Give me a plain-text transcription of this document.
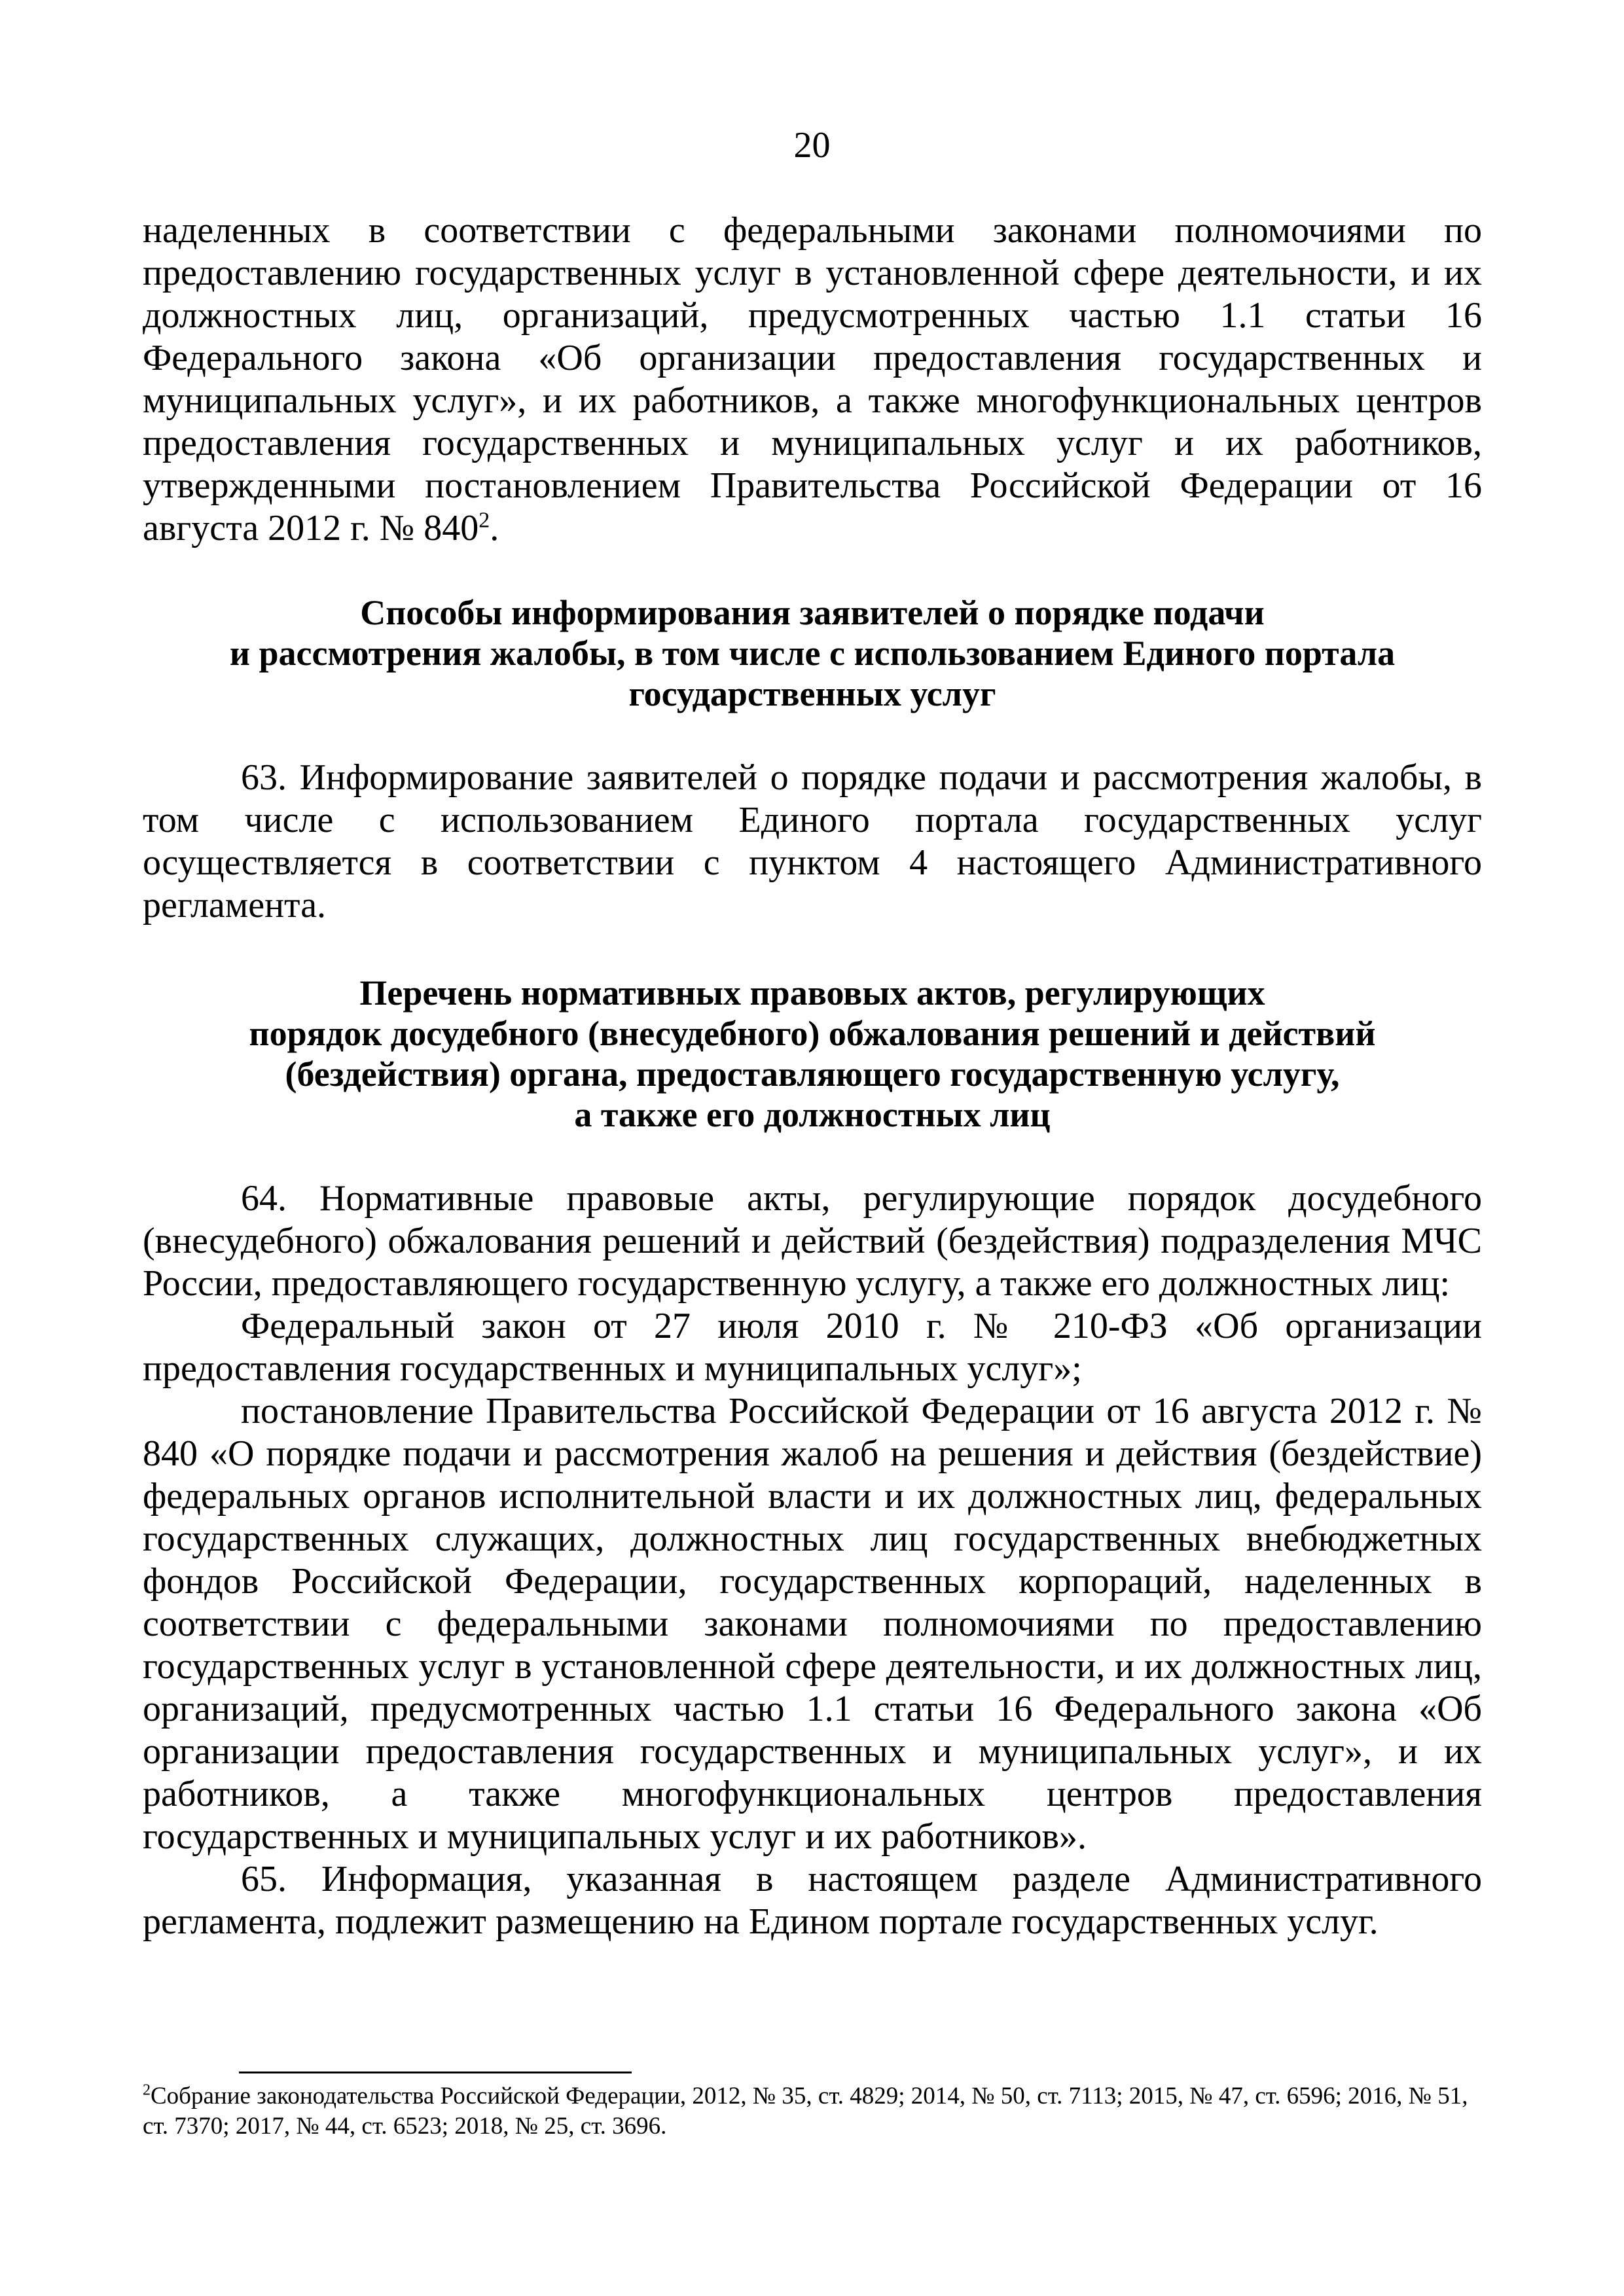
20

наделенных в соответствии с федеральными законами полномочиями по предоставлению государственных услуг в установленной сфере деятельности, и их должностных лиц, организаций, предусмотренных частью 1.1 статьи 16 Федерального закона «Об организации предоставления государственных и муниципальных услуг», и их работников, а также многофункциональных центров предоставления государственных и муниципальных услуг и их работников, утвержденными постановлением Правительства Российской Федерации от 16 августа 2012 г. № $840^2$.

Способы информирования заявителей о порядке подачи
и рассмотрения жалобы, в том числе с использованием Единого портала
государственных услуг

63. Информирование заявителей о порядке подачи и рассмотрения жалобы, в том числе с использованием Единого портала государственных услуг осуществляется в соответствии с пунктом 4 настоящего Административного регламента.

Перечень нормативных правовых актов, регулирующих
порядок досудебного (внесудебного) обжалования решений и действий
(бездействия) органа, предоставляющего государственную услугу,
а также его должностных лиц

64. Нормативные правовые акты, регулирующие порядок досудебного (внесудебного) обжалования решений и действий (бездействия) подразделения МЧС России, предоставляющего государственную услугу, а также его должностных лиц:

Федеральный закон от 27 июля 2010 г. № 210-ФЗ «Об организации предоставления государственных и муниципальных услуг»;

постановление Правительства Российской Федерации от 16 августа 2012 г. № 840 «О порядке подачи и рассмотрения жалоб на решения и действия (бездействие) федеральных органов исполнительной власти и их должностных лиц, федеральных государственных служащих, должностных лиц государственных внебюджетных фондов Российской Федерации, государственных корпораций, наделенных в соответствии с федеральными законами полномочиями по предоставлению государственных услуг в установленной сфере деятельности, и их должностных лиц, организаций, предусмотренных частью 1.1 статьи 16 Федерального закона «Об организации предоставления государственных и муниципальных услуг», и их работников, а также многофункциональных центров предоставления государственных и муниципальных услуг и их работников».

65. Информация, указанная в настоящем разделе Административного регламента, подлежит размещению на Едином портале государственных услуг.

$^2$Собрание законодательства Российской Федерации, 2012, № 35, ст. 4829; 2014, № 50, ст. 7113; 2015, № 47, ст. 6596; 2016, № 51, ст. 7370; 2017, № 44, ст. 6523; 2018, № 25, ст. 3696.
